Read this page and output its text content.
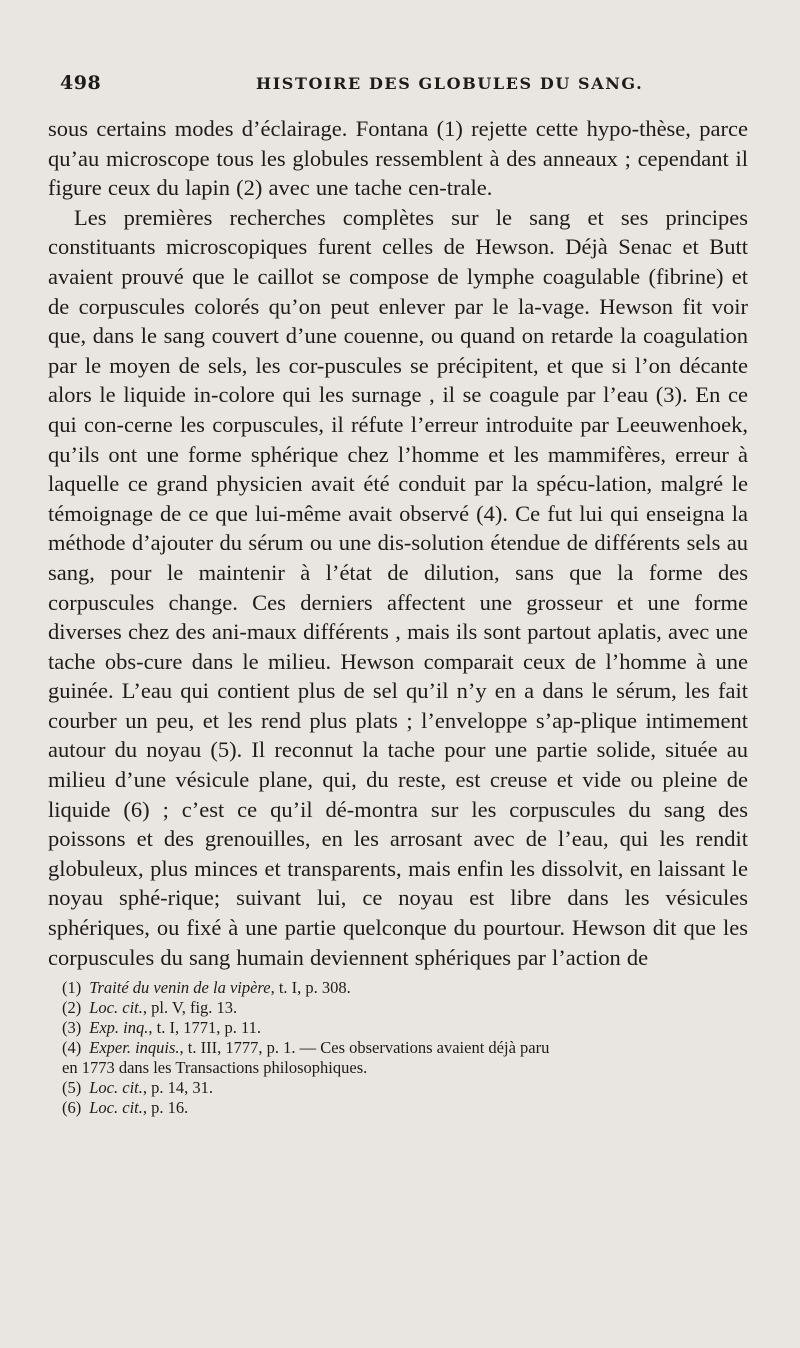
498	HISTOIRE DES GLOBULES DU SANG.

sous certains modes d’éclairage. Fontana (1) rejette cette hypo-thèse, parce qu’au microscope tous les globules ressemblent à des anneaux ; cependant il figure ceux du lapin (2) avec une tache cen-trale.

Les premières recherches complètes sur le sang et ses principes constituants microscopiques furent celles de Hewson. Déjà Senac et Butt avaient prouvé que le caillot se compose de lymphe coagulable (fibrine) et de corpuscules colorés qu’on peut enlever par le la-vage. Hewson fit voir que, dans le sang couvert d’une couenne, ou quand on retarde la coagulation par le moyen de sels, les cor-puscules se précipitent, et que si l’on décante alors le liquide in-colore qui les surnage , il se coagule par l’eau (3). En ce qui con-cerne les corpuscules, il réfute l’erreur introduite par Leeuwenhoek, qu’ils ont une forme sphérique chez l’homme et les mammifères, erreur à laquelle ce grand physicien avait été conduit par la spécu-lation, malgré le témoignage de ce que lui-même avait observé (4). Ce fut lui qui enseigna la méthode d’ajouter du sérum ou une dis-solution étendue de différents sels au sang, pour le maintenir à l’état de dilution, sans que la forme des corpuscules change. Ces derniers affectent une grosseur et une forme diverses chez des ani-maux différents , mais ils sont partout aplatis, avec une tache obs-cure dans le milieu. Hewson comparait ceux de l’homme à une guinée. L’eau qui contient plus de sel qu’il n’y en a dans le sérum, les fait courber un peu, et les rend plus plats ; l’enveloppe s’ap-plique intimement autour du noyau (5). Il reconnut la tache pour une partie solide, située au milieu d’une vésicule plane, qui, du reste, est creuse et vide ou pleine de liquide (6) ; c’est ce qu’il dé-montra sur les corpuscules du sang des poissons et des grenouilles, en les arrosant avec de l’eau, qui les rendit globuleux, plus minces et transparents, mais enfin les dissolvit, en laissant le noyau sphé-rique; suivant lui, ce noyau est libre dans les vésicules sphériques, ou fixé à une partie quelconque du pourtour. Hewson dit que les corpuscules du sang humain deviennent sphériques par l’action de

(1) Traité du venin de la vipère, t. I, p. 308.
(2) Loc. cit., pl. V, fig. 13.
(3) Exp. inq., t. I, 1771, p. 11.
(4) Exper. inquis., t. III, 1777, p. 1. — Ces observations avaient déjà paru
en 1773 dans les Transactions philosophiques.
(5) Loc. cit., p. 14, 31.
(6) Loc. cit., p. 16.
